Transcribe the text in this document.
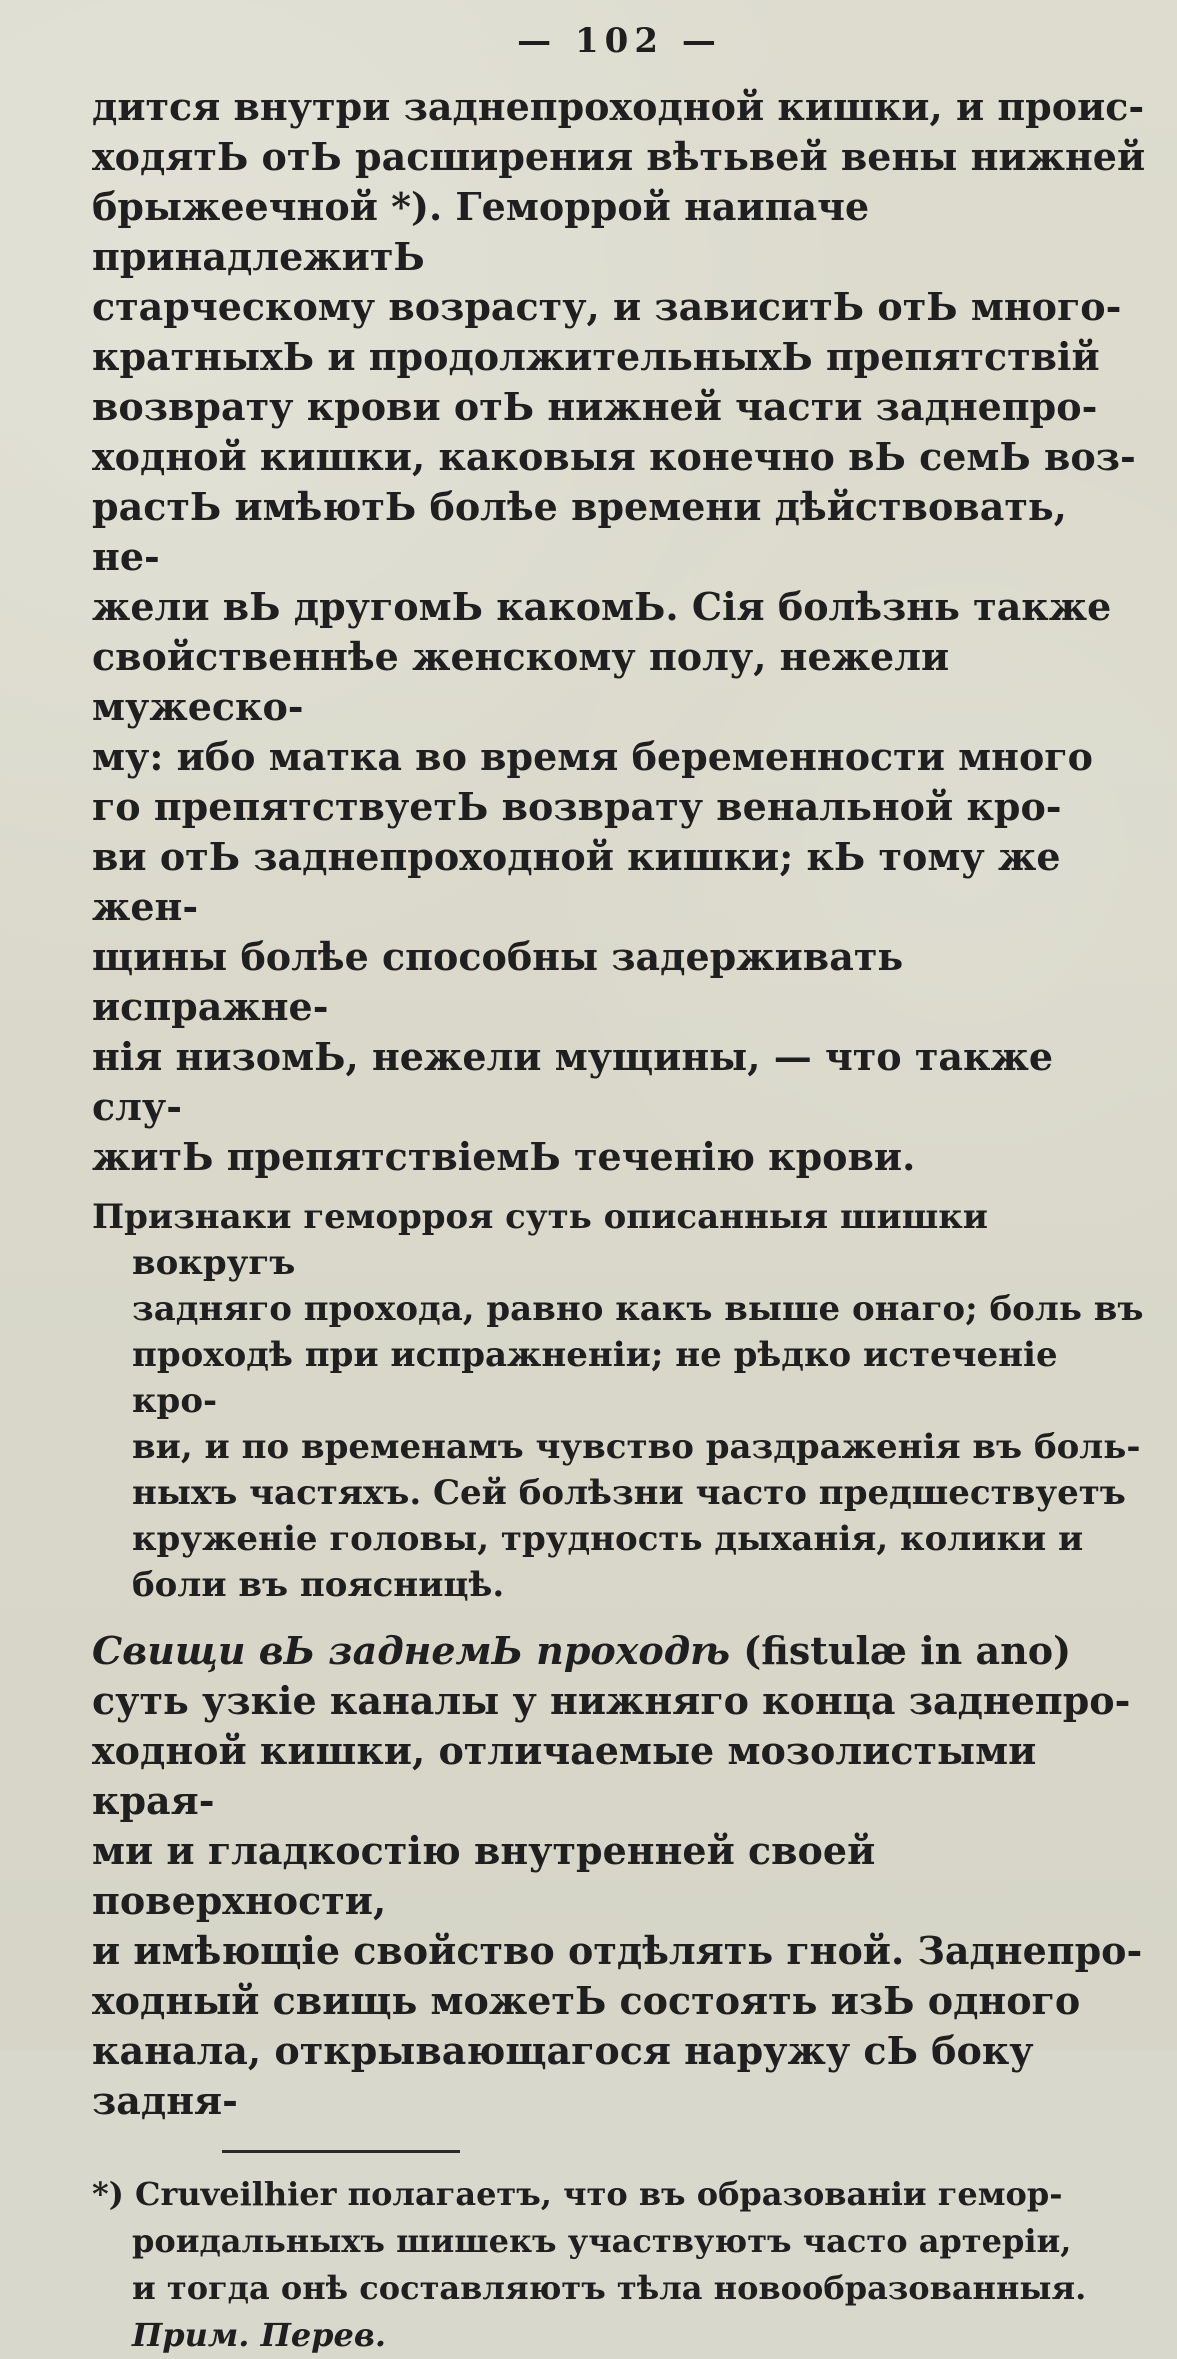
— 102 —

дится внутри заднепроходной кишки, и проис-
ходятЬ отЬ расширения вѣтьвей вены нижней
брыжеечной *). Геморрой наипаче принадлежитЬ
старческому возрасту, и зависитЬ отЬ много-
кратныхЬ и продолжительныхЬ препятствій
возврату крови отЬ нижней части заднепро-
ходной кишки, каковыя конечно вЬ семЬ воз-
растЬ имѣютЬ болѣе времени дѣйствовать, не-
жели вЬ другомЬ какомЬ. Сія болѣзнь также
свойственнѣе женскому полу, нежели мужеско-
му: ибо матка во время беременности много
го препятствуетЬ возврату венальной кро-
ви отЬ заднепроходной кишки; кЬ тому же жен-
щины болѣе способны задерживать испражне-
нія низомЬ, нежели мущины, — что также слу-
житЬ препятствіемЬ теченію крови.

Признаки геморроя суть описанныя шишки вокругъ
задняго прохода, равно какъ выше онаго; боль въ
проходѣ при испражненіи; не рѣдко истеченіе кро-
ви, и по временамъ чувство раздраженія въ боль-
ныхъ частяхъ. Сей болѣзни часто предшествуетъ
круженіе головы, трудность дыханія, колики и
боли въ поясницѣ.

Свищи вЬ заднемЬ проходѣ (fistulæ in ano)
суть узкіе каналы у нижняго конца заднепро-
ходной кишки, отличаемые мозолистыми края-
ми и гладкостію внутренней своей поверхности,
и имѣющіе свойство отдѣлять гной. Заднепро-
ходный свищь можетЬ состоять изЬ одного
канала, открывающагося наружу сЬ боку задня-

*) Cruveilhier полагаетъ, что въ образованіи гемор-
роидальныхъ шишекъ участвуютъ часто артеріи,
и тогда онѣ составляютъ тѣла новообразованныя.
Прим. Перев.
